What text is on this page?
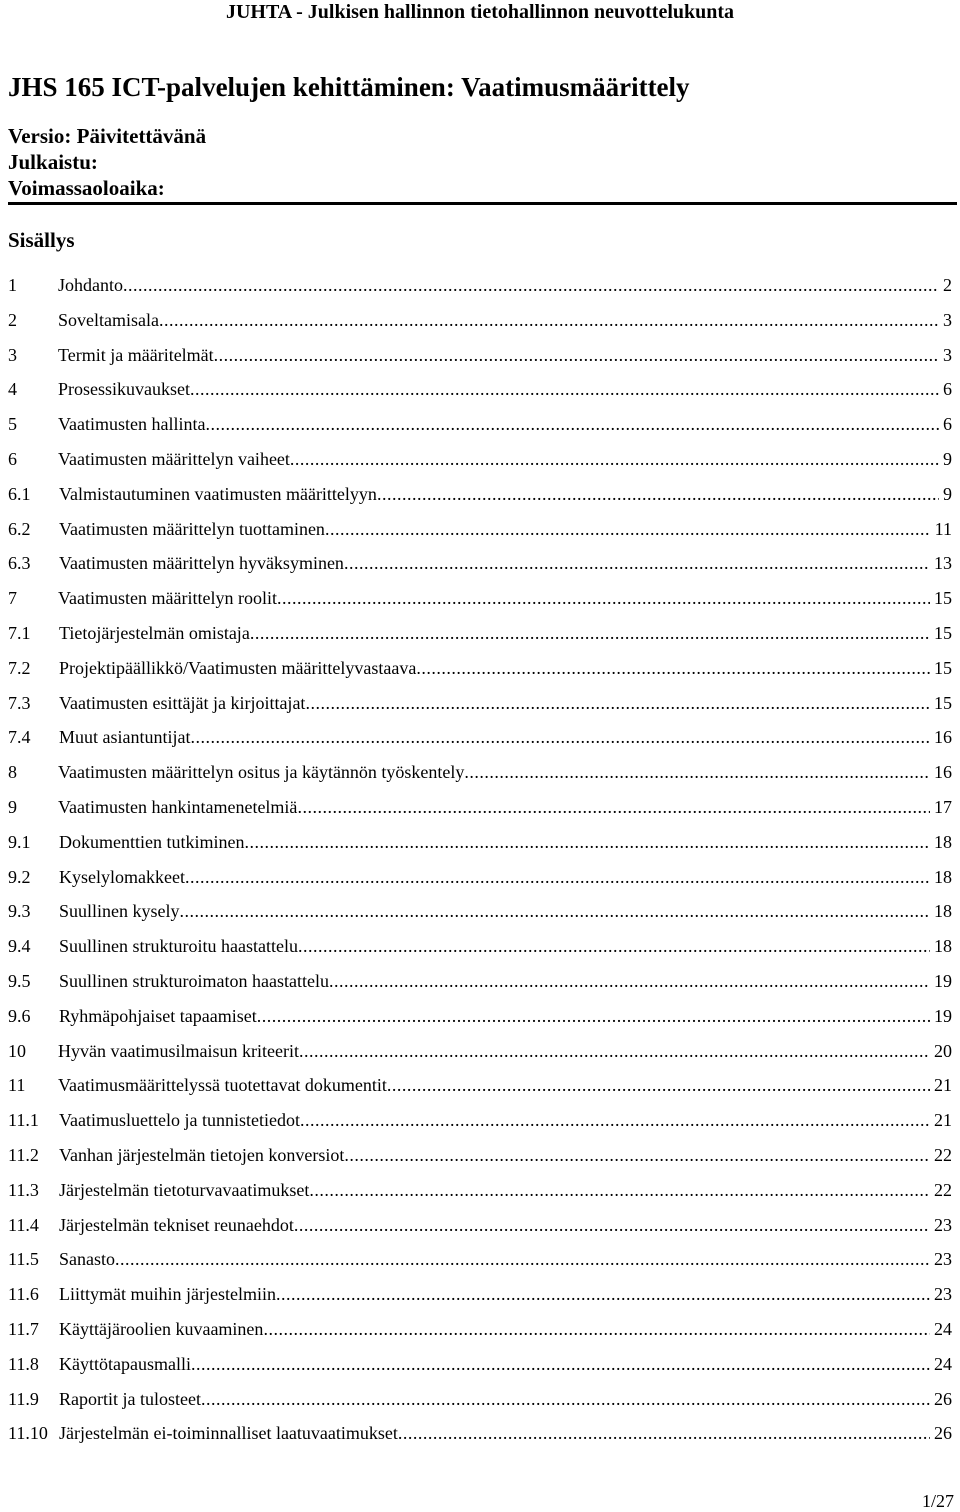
JUHTA - Julkisen hallinnon tietohallinnon neuvottelukunta
JHS 165 ICT-palvelujen kehittäminen: Vaatimusmäärittely
Versio: Päivitettävänä
Julkaistu:
Voimassaoloaika:
Sisällys
1	Johdanto .....	2
2	Soveltamisala .....	3
3	Termit ja määritelmät .....	3
4	Prosessikuvaukset .....	6
5	Vaatimusten hallinta .....	6
6	Vaatimusten määrittelyn vaiheet .....	9
6.1	Valmistautuminen vaatimusten määrittelyyn .....	9
6.2	Vaatimusten määrittelyn tuottaminen .....	11
6.3	Vaatimusten määrittelyn hyväksyminen .....	13
7	Vaatimusten määrittelyn roolit .....	15
7.1	Tietojärjestelmän omistaja .....	15
7.2	Projektipäällikkö/Vaatimusten määrittelyvastaava .....	15
7.3	Vaatimusten esittäjät ja kirjoittajat .....	15
7.4	Muut asiantuntijat .....	16
8	Vaatimusten määrittelyn ositus ja käytännön työskentely .....	16
9	Vaatimusten hankintamenetelmiä .....	17
9.1	Dokumenttien tutkiminen .....	18
9.2	Kyselylomakkeet .....	18
9.3	Suullinen kysely .....	18
9.4	Suullinen strukturoitu haastattelu .....	18
9.5	Suullinen strukturoimaton haastattelu .....	19
9.6	Ryhmäpohjaiset tapaamiset .....	19
10	Hyvän vaatimusilmaisun kriteerit .....	20
11	Vaatimusmäärittelyssä tuotettavat dokumentit .....	21
11.1	Vaatimusluettelo ja tunnistetiedot .....	21
11.2	Vanhan järjestelmän tietojen konversiot .....	22
11.3	Järjestelmän tietoturvavaatimukset .....	22
11.4	Järjestelmän tekniset reunaehdot .....	23
11.5	Sanasto .....	23
11.6	Liittymät muihin järjestelmiin .....	23
11.7	Käyttäjäroolien kuvaaminen .....	24
11.8	Käyttötapausmalli .....	24
11.9	Raportit ja tulosteet .....	26
11.10 Järjestelmän ei-toiminnalliset laatuvaatimukset .....	26
1/27
